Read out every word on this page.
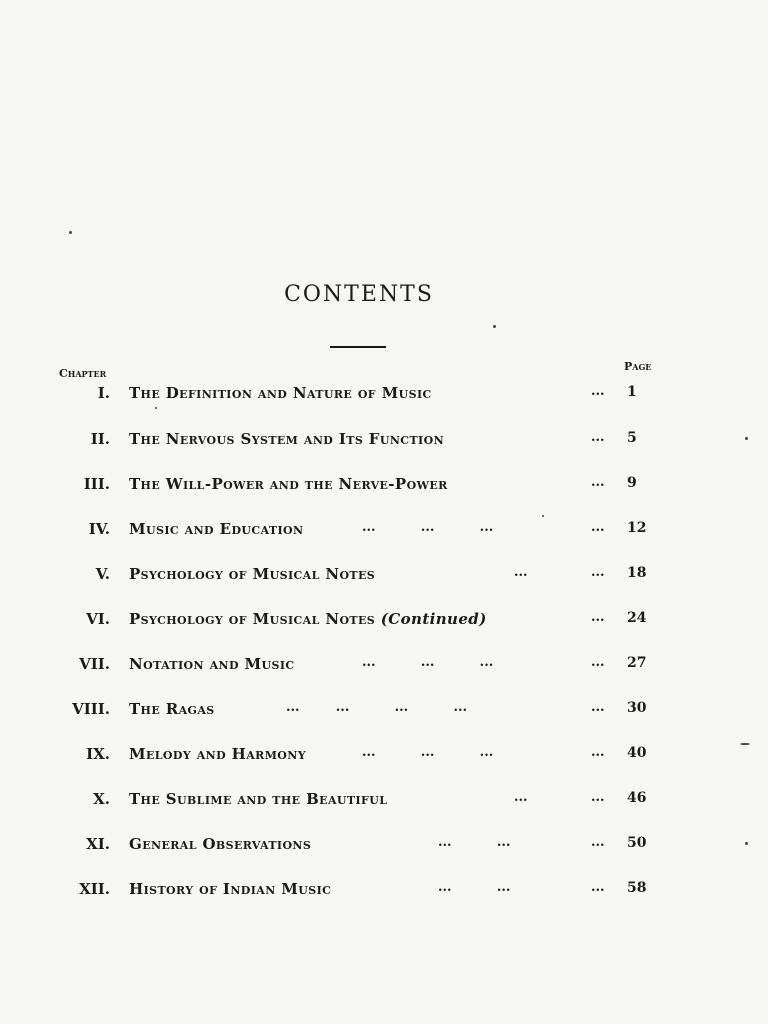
CONTENTS
Chapter
Page
I. The Definition and Nature of Music	... 1
II. The Nervous System and Its Function	... 5
III. The Will-Power and the Nerve-Power	... 9
IV. Music and Education	...          ...          ...	... 12
V. Psychology of Musical Notes	...	... 18
VI. Psychology of Musical Notes (Continued)	... 24
VII. Notation and Music	...          ...          ...	... 27
VIII. The Ragas	...        ...          ...          ...	... 30
IX. Melody and Harmony	...          ...          ...	... 40
X. The Sublime and the Beautiful	...	... 46
XI. General Observations	...          ...	... 50
XII. History of Indian Music	...          ...	... 58
